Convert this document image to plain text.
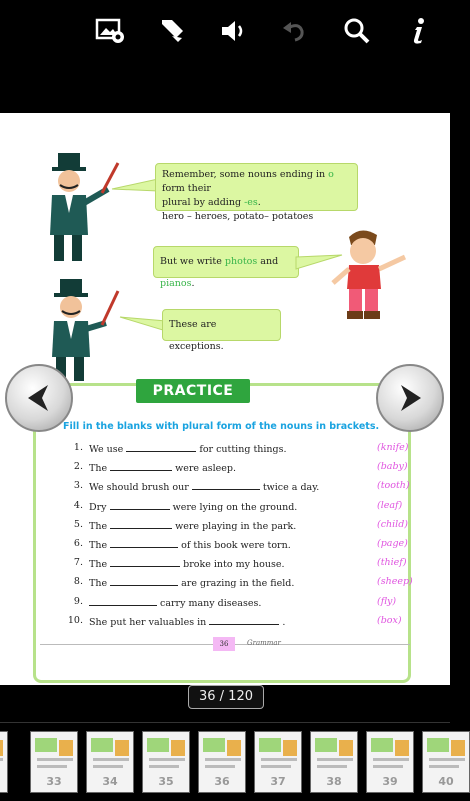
Remember, some nouns ending in o form their
plural by adding -es.
hero – heroes, potato– potatoes
But we write photos and pianos.
These are exceptions.
PRACTICE TIME
Fill in the blanks with plural form of the nouns in brackets.
1. We use	for cutting things.	(knife)
2. The	were asleep.	(baby)
3. We should brush our	twice a day.	(tooth)
4. Dry	were lying on the ground.	(leaf)
5. The	were playing in the park.	(child)
6. The	of this book were torn.	(page)
7. The	broke into my house.	(thief)
8. The	are grazing in the field.	(sheep)
9.	carry many diseases.	(fly)
10. She put her valuables in	.	(box)
36	Grammar
36 / 120
33	34	35	36	37	38	39	40
